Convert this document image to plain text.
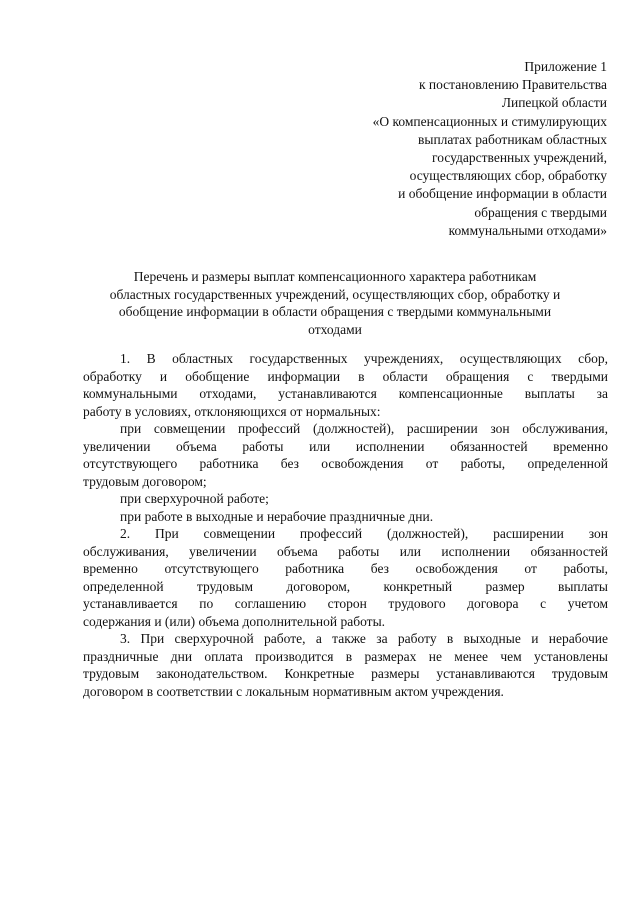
Приложение 1
к постановлению Правительства
Липецкой области
«О компенсационных и стимулирующих
выплатах работникам областных
государственных учреждений,
осуществляющих сбор, обработку
и обобщение информации в области
обращения с твердыми
коммунальными отходами»
Перечень и размеры выплат компенсационного характера работникам
областных государственных учреждений, осуществляющих сбор, обработку и
обобщение информации в области обращения с твердыми коммунальными
отходами
1. В областных государственных учреждениях, осуществляющих сбор,
обработку и обобщение информации в области обращения с твердыми
коммунальными отходами, устанавливаются компенсационные выплаты за
работу в условиях, отклоняющихся от нормальных:
при совмещении профессий (должностей), расширении зон обслуживания,
увеличении объема работы или исполнении обязанностей временно
отсутствующего работника без освобождения от работы, определенной
трудовым договором;
при сверхурочной работе;
при работе в выходные и нерабочие праздничные дни.
2. При совмещении профессий (должностей), расширении зон
обслуживания, увеличении объема работы или исполнении обязанностей
временно отсутствующего работника без освобождения от работы,
определенной трудовым договором, конкретный размер выплаты
устанавливается по соглашению сторон трудового договора с учетом
содержания и (или) объема дополнительной работы.
3. При сверхурочной работе, а также за работу в выходные и нерабочие
праздничные дни оплата производится в размерах не менее чем установлены
трудовым законодательством. Конкретные размеры устанавливаются трудовым
договором в соответствии с локальным нормативным актом учреждения.
